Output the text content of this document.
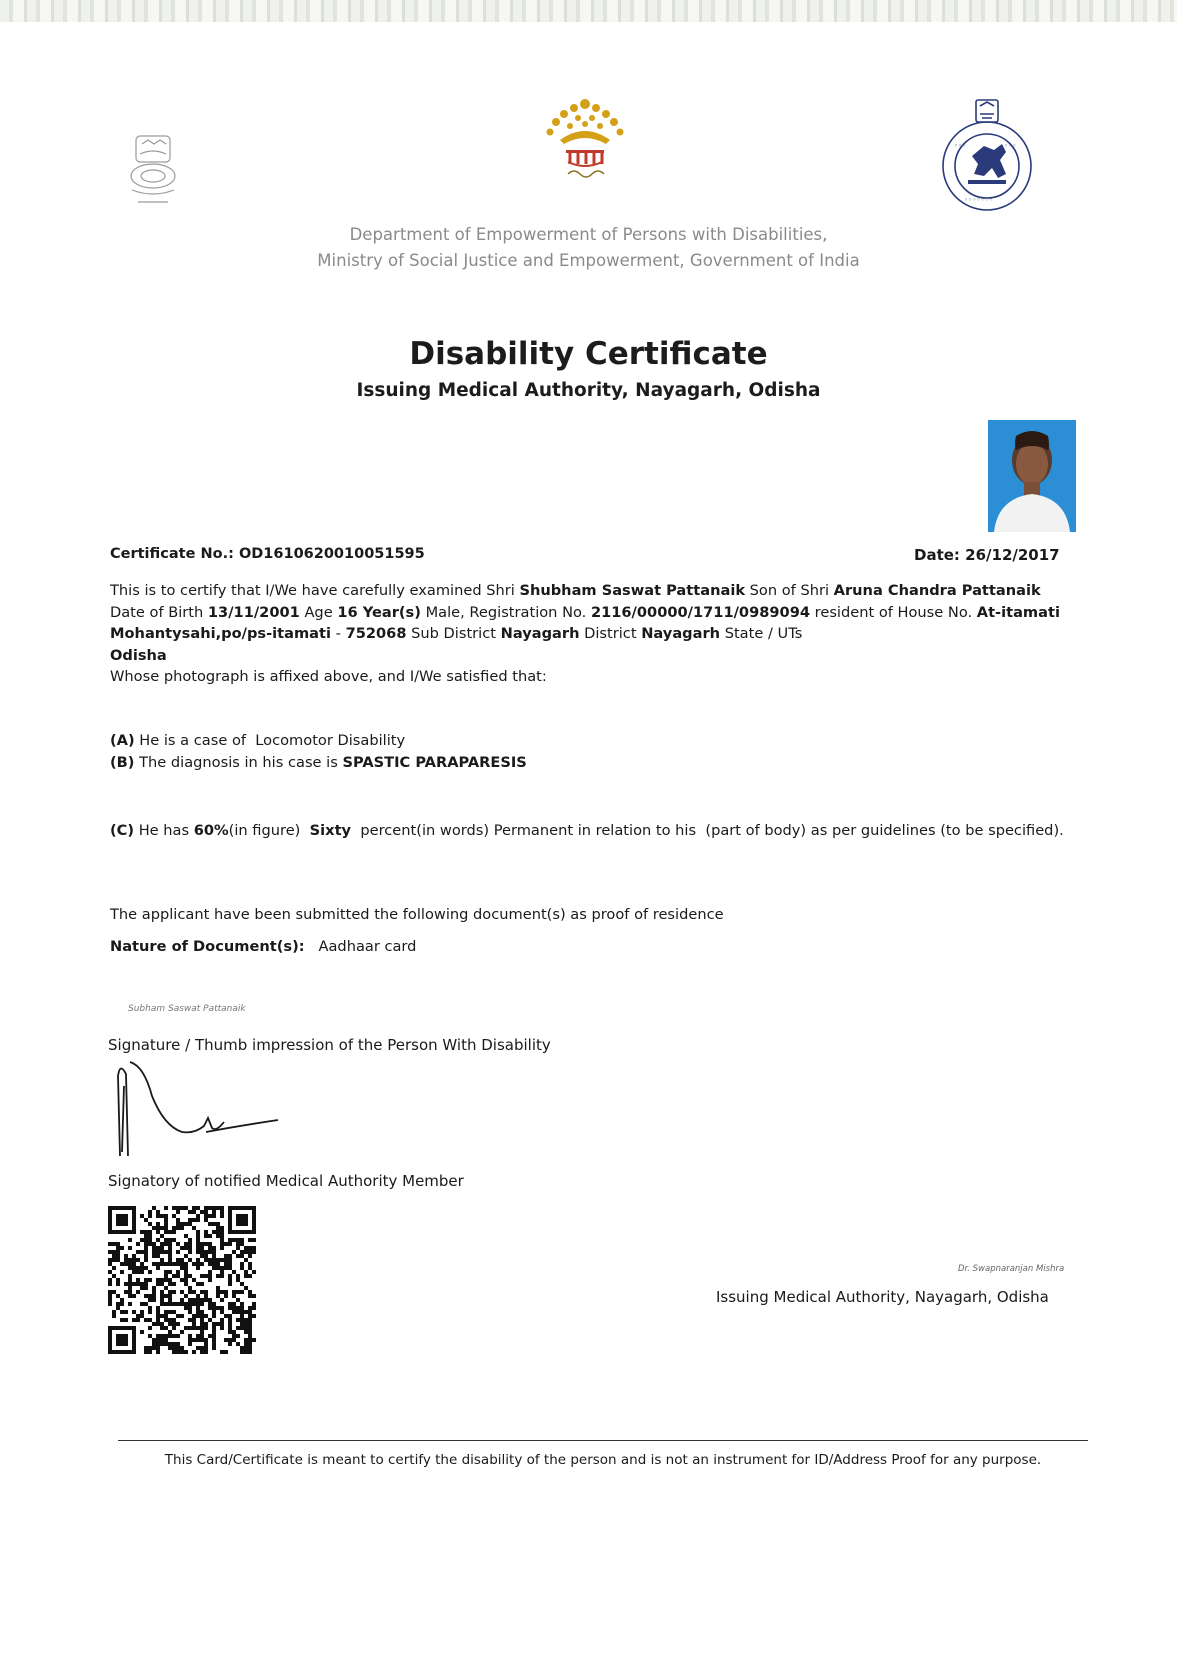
◦◦◦	◦◦◦
◦◦◦◦◦◦◦
Department of Empowerment of Persons with Disabilities,
Ministry of Social Justice and Empowerment, Government of India
Disability Certificate
Issuing Medical Authority, Nayagarh, Odisha
Certificate No.: OD1610620010051595	Date: 26/12/2017
This is to certify that I/We have carefully examined Shri Shubham Saswat Pattanaik Son of Shri Aruna Chandra Pattanaik Date of Birth 13/11/2001 Age 16 Year(s) Male, Registration No. 2116/00000/1711/0989094 resident of House No. At-itamati Mohantysahi,po/ps-itamati - 752068 Sub District Nayagarh District Nayagarh State / UTs
Odisha
Whose photograph is affixed above, and I/We satisfied that:
(A) He is a case of Locomotor Disability
(B) The diagnosis in his case is SPASTIC PARAPARESIS
(C) He has 60%(in figure) Sixty percent(in words) Permanent in relation to his (part of body) as per guidelines (to be specified).
The applicant have been submitted the following document(s) as proof of residence
Nature of Document(s): Aadhaar card
Subham Saswat Pattanaik
Signature / Thumb impression of the Person With Disability
Signatory of notified Medical Authority Member
Dr. Swapnaranjan Mishra
Issuing Medical Authority, Nayagarh, Odisha
This Card/Certificate is meant to certify the disability of the person and is not an instrument for ID/Address Proof for any purpose.
